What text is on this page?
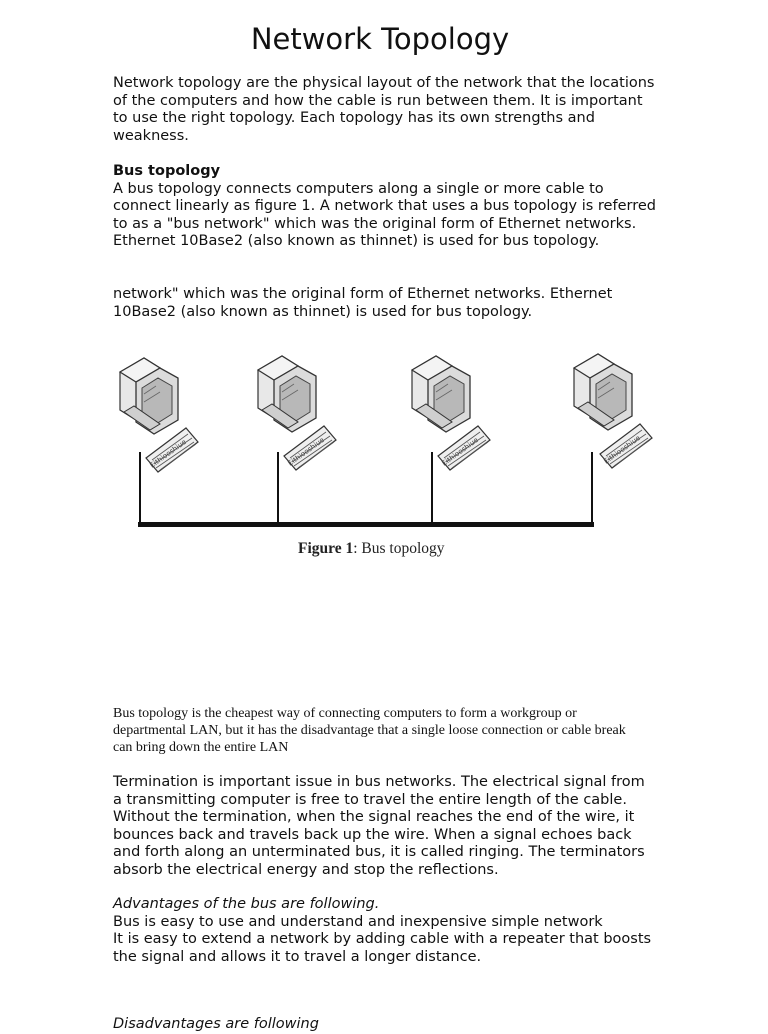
Network Topology

Network topology are the physical layout of the network that the locations of the computers and how the cable is run between them. It is important to use the right topology. Each topology has its own strengths and weakness.

Bus topology
A bus topology connects computers along a single or more cable to connect linearly as figure 1. A network that uses a bus topology is referred to as a "bus network" which was the original form of Ethernet networks. Ethernet 10Base2 (also known as thinnet) is used for bus topology.

network" which was the original form of Ethernet networks. Ethernet 10Base2 (also known as thinnet) is used for bus topology.

Eithiooshiue	Eithiooshiue	Eithiooshiue	Eithiooshiue
Figure 1: Bus topology

Bus topology is the cheapest way of connecting computers to form a workgroup or departmental LAN, but it has the disadvantage that a single loose connection or cable break can bring down the entire LAN

Termination is important issue in bus networks. The electrical signal from a transmitting computer is free to travel the entire length of the cable. Without the termination, when the signal reaches the end of the wire, it bounces back and travels back up the wire. When a signal echoes back and forth along an unterminated bus, it is called ringing. The terminators absorb the electrical energy and stop the reflections.

Advantages of the bus are following.
Bus is easy to use and understand and inexpensive simple network
It is easy to extend a network by adding cable with a repeater that boosts the signal and allows it to travel a longer distance.

Disadvantages are following
